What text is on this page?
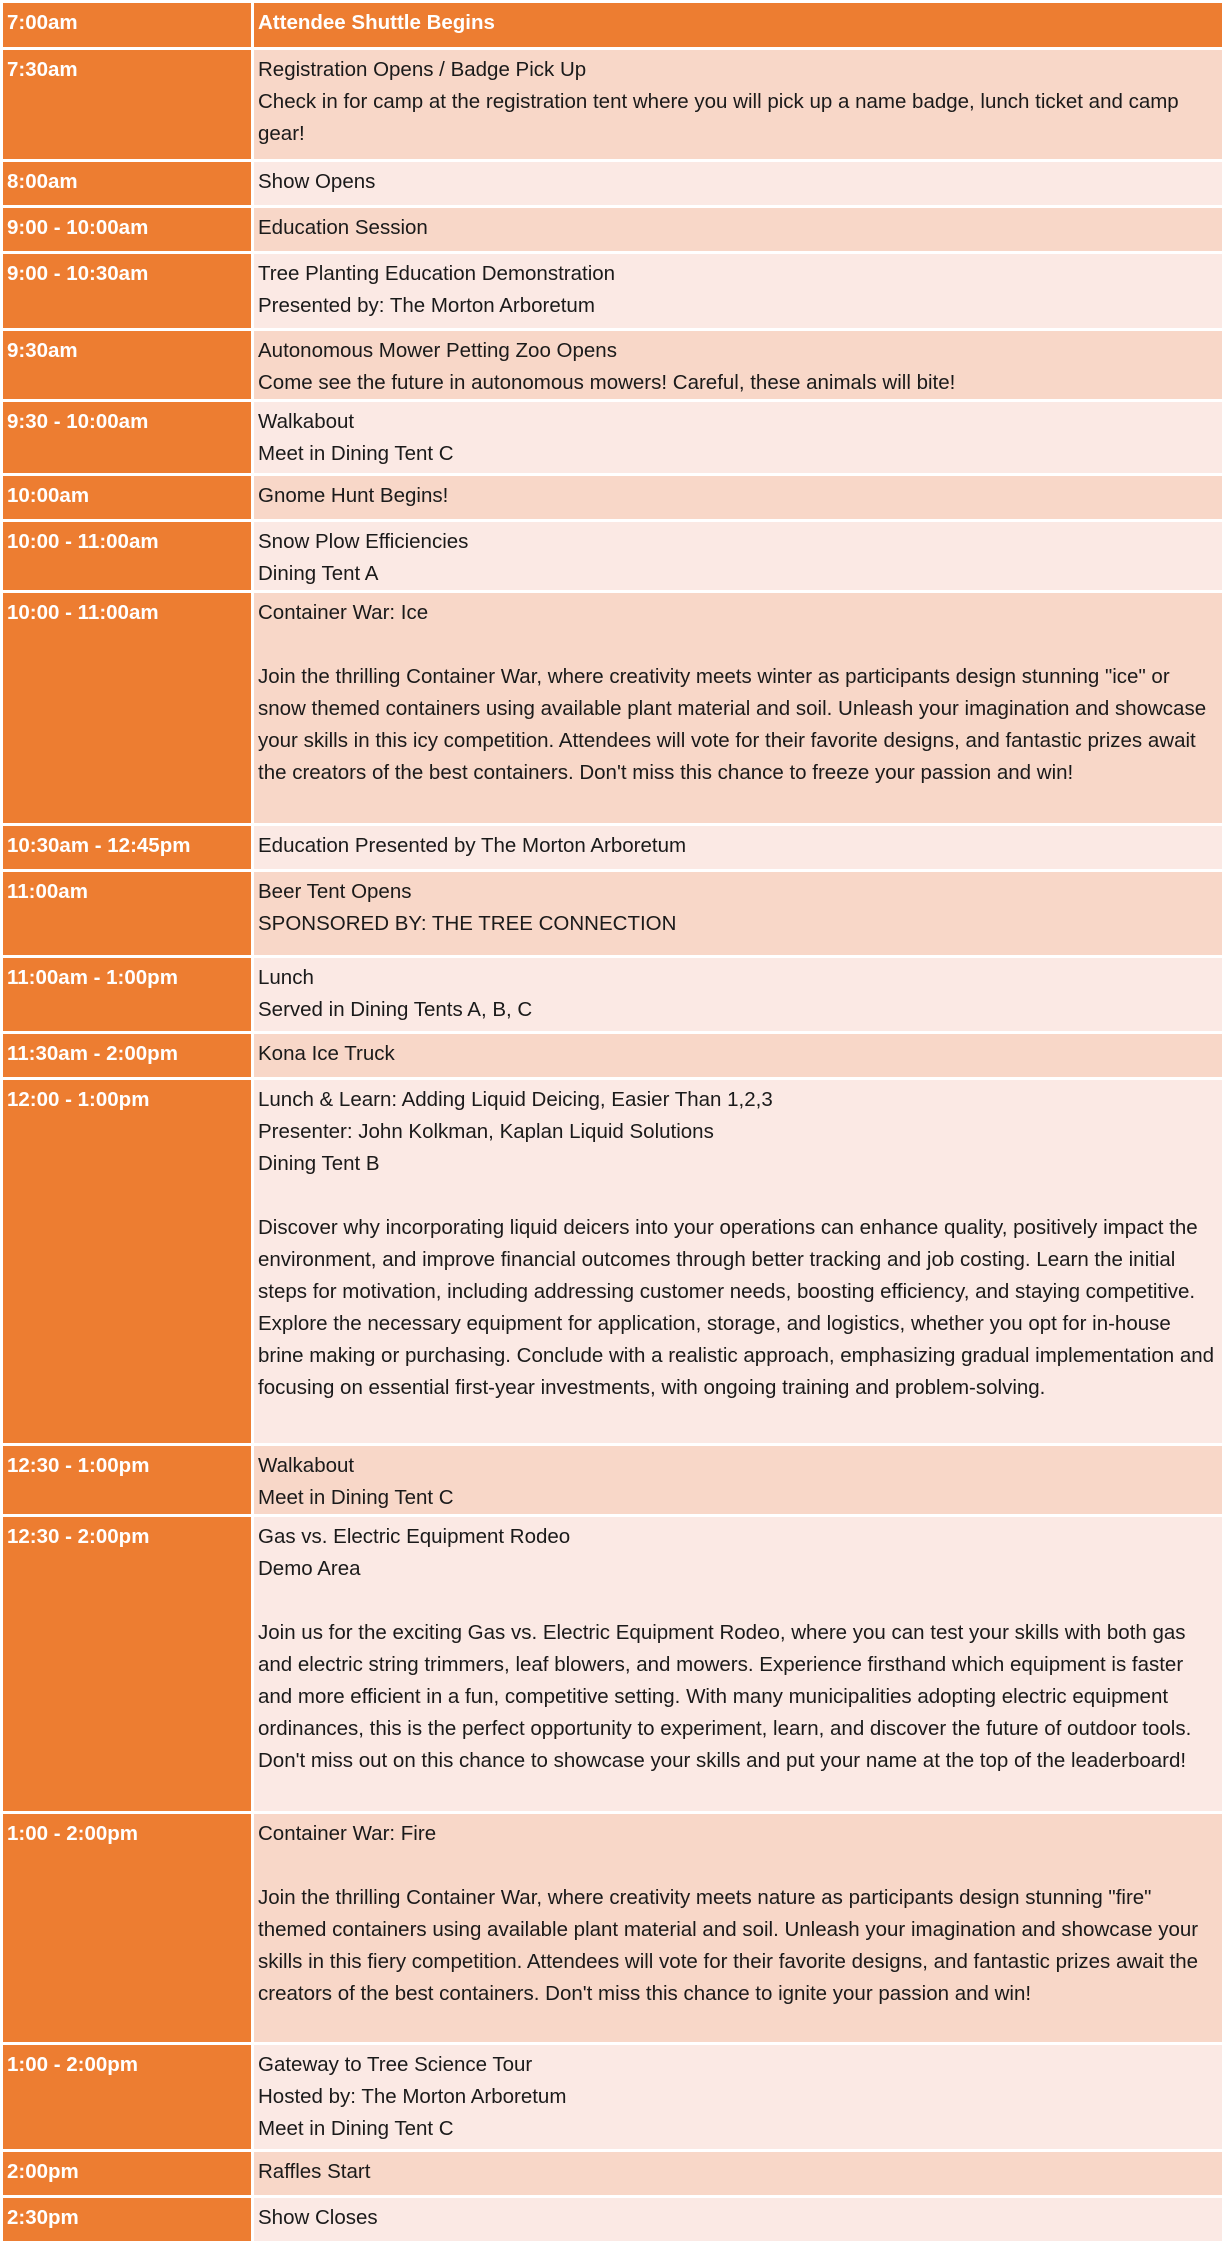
7:00am	Attendee Shuttle Begins
7:30am	Registration Opens / Badge Pick Up
Check in for camp at the registration tent where you will pick up a name badge, lunch ticket and camp gear!
8:00am	Show Opens
9:00 - 10:00am	Education Session
9:00 - 10:30am	Tree Planting Education Demonstration
Presented by: The Morton Arboretum
9:30am	Autonomous Mower Petting Zoo Opens
Come see the future in autonomous mowers! Careful, these animals will bite!
9:30 - 10:00am	Walkabout
Meet in Dining Tent C
10:00am	Gnome Hunt Begins!
10:00 - 11:00am	Snow Plow Efficiencies
Dining Tent A
10:00 - 11:00am	Container War: Ice

Join the thrilling Container War, where creativity meets winter as participants design stunning "ice" or snow themed containers using available plant material and soil. Unleash your imagination and showcase your skills in this icy competition. Attendees will vote for their favorite designs, and fantastic prizes await the creators of the best containers. Don't miss this chance to freeze your passion and win!
10:30am - 12:45pm	Education Presented by The Morton Arboretum
11:00am	Beer Tent Opens
SPONSORED BY: THE TREE CONNECTION
11:00am - 1:00pm	Lunch
Served in Dining Tents A, B, C
11:30am - 2:00pm	Kona Ice Truck
12:00 - 1:00pm	Lunch & Learn: Adding Liquid Deicing, Easier Than 1,2,3
Presenter: John Kolkman, Kaplan Liquid Solutions
Dining Tent B

Discover why incorporating liquid deicers into your operations can enhance quality, positively impact the environment, and improve financial outcomes through better tracking and job costing. Learn the initial steps for motivation, including addressing customer needs, boosting efficiency, and staying competitive. Explore the necessary equipment for application, storage, and logistics, whether you opt for in-house brine making or purchasing. Conclude with a realistic approach, emphasizing gradual implementation and focusing on essential first-year investments, with ongoing training and problem-solving.
12:30 - 1:00pm	Walkabout
Meet in Dining Tent C
12:30 - 2:00pm	Gas vs. Electric Equipment Rodeo
Demo Area

Join us for the exciting Gas vs. Electric Equipment Rodeo, where you can test your skills with both gas and electric string trimmers, leaf blowers, and mowers. Experience firsthand which equipment is faster and more efficient in a fun, competitive setting. With many municipalities adopting electric equipment ordinances, this is the perfect opportunity to experiment, learn, and discover the future of outdoor tools. Don't miss out on this chance to showcase your skills and put your name at the top of the leaderboard!
1:00 - 2:00pm	Container War: Fire

Join the thrilling Container War, where creativity meets nature as participants design stunning "fire" themed containers using available plant material and soil. Unleash your imagination and showcase your skills in this fiery competition. Attendees will vote for their favorite designs, and fantastic prizes await the creators of the best containers. Don't miss this chance to ignite your passion and win!
1:00 - 2:00pm	Gateway to Tree Science Tour
Hosted by: The Morton Arboretum
Meet in Dining Tent C
2:00pm	Raffles Start
2:30pm	Show Closes
